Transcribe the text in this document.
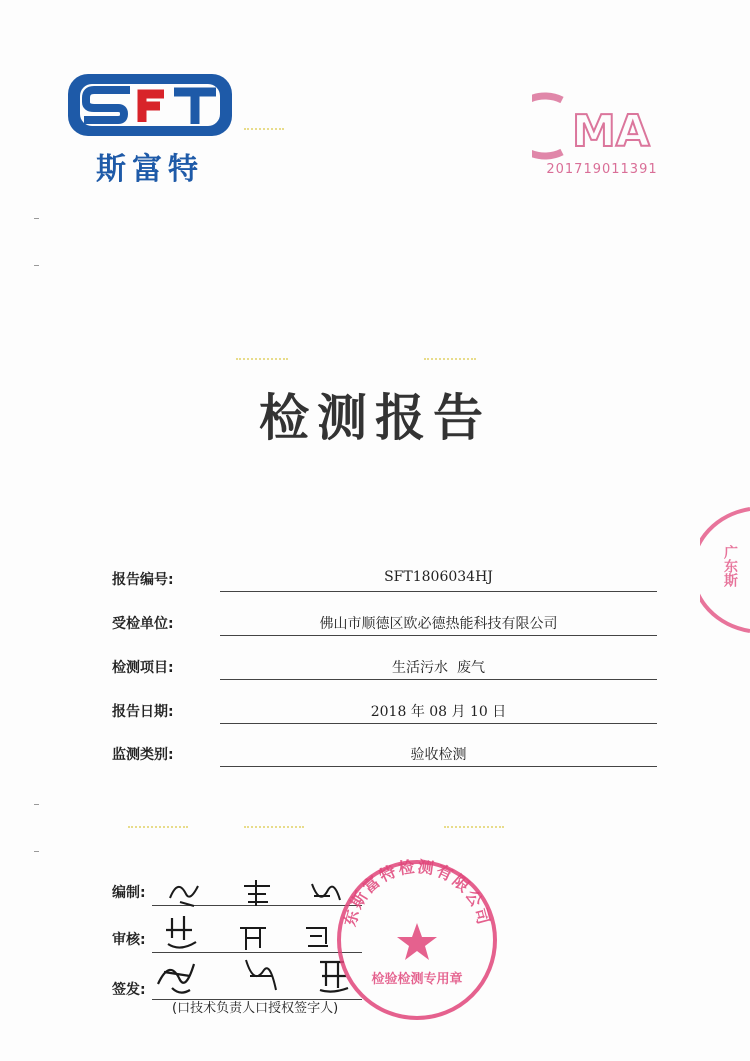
斯富特
MA
201719011391
检测报告
报告编号:	SFT1806034HJ
受检单位:	佛山市顺德区欧必德热能科技有限公司
检测项目:	生活污水  废气
报告日期:	2018 年 08 月 10 日
监测类别:	验收检测
编制:
审核:
签发:
(口技术负责人口授权签字人)
东斯富特检测有限公司
检验检测专用章
广东斯
